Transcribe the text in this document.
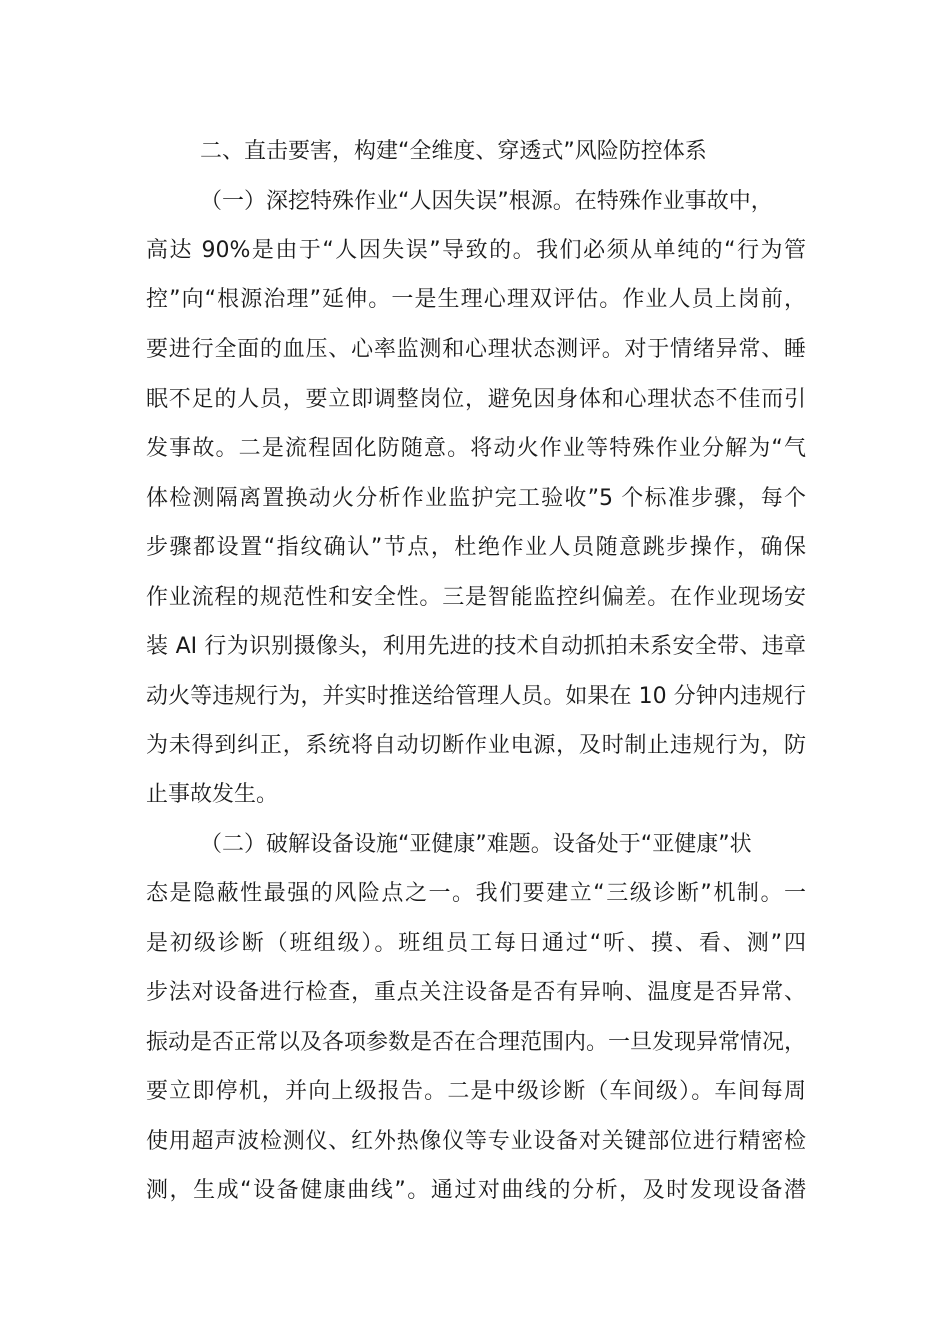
二、直击要害，构建“全维度、穿透式”风险防控体系
（一）深挖特殊作业“人因失误”根源。在特殊作业事故中，
高达 90%是由于“人因失误”导致的。我们必须从单纯的“行为管
控”向“根源治理”延伸。一是生理心理双评估。作业人员上岗前，
要进行全面的血压、心率监测和心理状态测评。对于情绪异常、睡
眠不足的人员，要立即调整岗位，避免因身体和心理状态不佳而引
发事故。二是流程固化防随意。将动火作业等特殊作业分解为“气
体检测隔离置换动火分析作业监护完工验收”5 个标准步骤，每个
步骤都设置“指纹确认”节点，杜绝作业人员随意跳步操作，确保
作业流程的规范性和安全性。三是智能监控纠偏差。在作业现场安
装 AI 行为识别摄像头，利用先进的技术自动抓拍未系安全带、违章
动火等违规行为，并实时推送给管理人员。如果在 10 分钟内违规行
为未得到纠正，系统将自动切断作业电源，及时制止违规行为，防
止事故发生。
（二）破解设备设施“亚健康”难题。设备处于“亚健康”状
态是隐蔽性最强的风险点之一。我们要建立“三级诊断”机制。一
是初级诊断（班组级）。班组员工每日通过“听、摸、看、测”四
步法对设备进行检查，重点关注设备是否有异响、温度是否异常、
振动是否正常以及各项参数是否在合理范围内。一旦发现异常情况，
要立即停机，并向上级报告。二是中级诊断（车间级）。车间每周
使用超声波检测仪、红外热像仪等专业设备对关键部位进行精密检
测，生成“设备健康曲线”。通过对曲线的分析，及时发现设备潜
